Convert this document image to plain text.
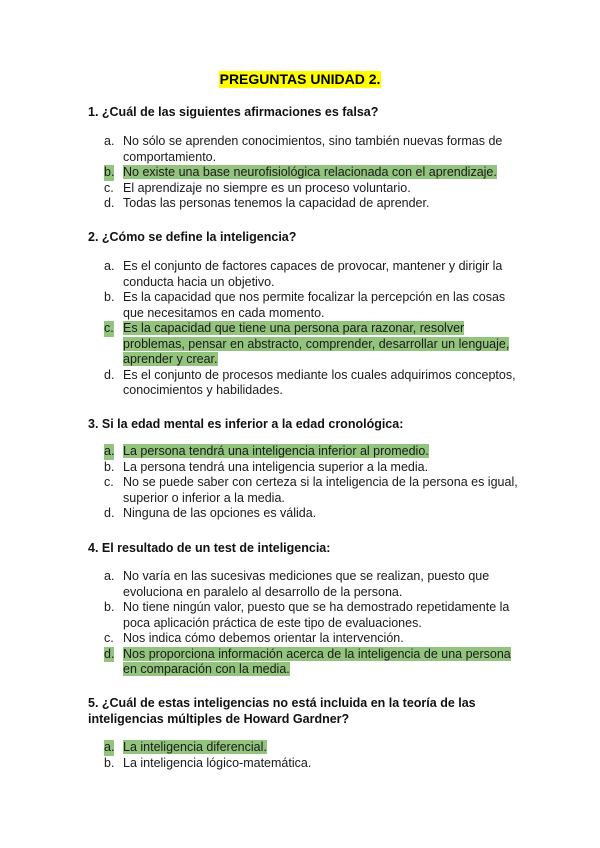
PREGUNTAS UNIDAD 2.
1. ¿Cuál de las siguientes afirmaciones es falsa?
a. No sólo se aprenden conocimientos, sino también nuevas formas de comportamiento.
b. No existe una base neurofisiológica relacionada con el aprendizaje.
c. El aprendizaje no siempre es un proceso voluntario.
d. Todas las personas tenemos la capacidad de aprender.
2. ¿Cómo se define la inteligencia?
a. Es el conjunto de factores capaces de provocar, mantener y dirigir la conducta hacia un objetivo.
b. Es la capacidad que nos permite focalizar la percepción en las cosas que necesitamos en cada momento.
c. Es la capacidad que tiene una persona para razonar, resolver problemas, pensar en abstracto, comprender, desarrollar un lenguaje, aprender y crear.
d. Es el conjunto de procesos mediante los cuales adquirimos conceptos, conocimientos y habilidades.
3. Si la edad mental es inferior a la edad cronológica:
a. La persona tendrá una inteligencia inferior al promedio.
b. La persona tendrá una inteligencia superior a la media.
c. No se puede saber con certeza si la inteligencia de la persona es igual, superior o inferior a la media.
d. Ninguna de las opciones es válida.
4. El resultado de un test de inteligencia:
a. No varía en las sucesivas mediciones que se realizan, puesto que evoluciona en paralelo al desarrollo de la persona.
b. No tiene ningún valor, puesto que se ha demostrado repetidamente la poca aplicación práctica de este tipo de evaluaciones.
c. Nos indica cómo debemos orientar la intervención.
d. Nos proporciona información acerca de la inteligencia de una persona en comparación con la media.
5. ¿Cuál de estas inteligencias no está incluida en la teoría de las inteligencias múltiples de Howard Gardner?
a. La inteligencia diferencial.
b. La inteligencia lógico-matemática.
